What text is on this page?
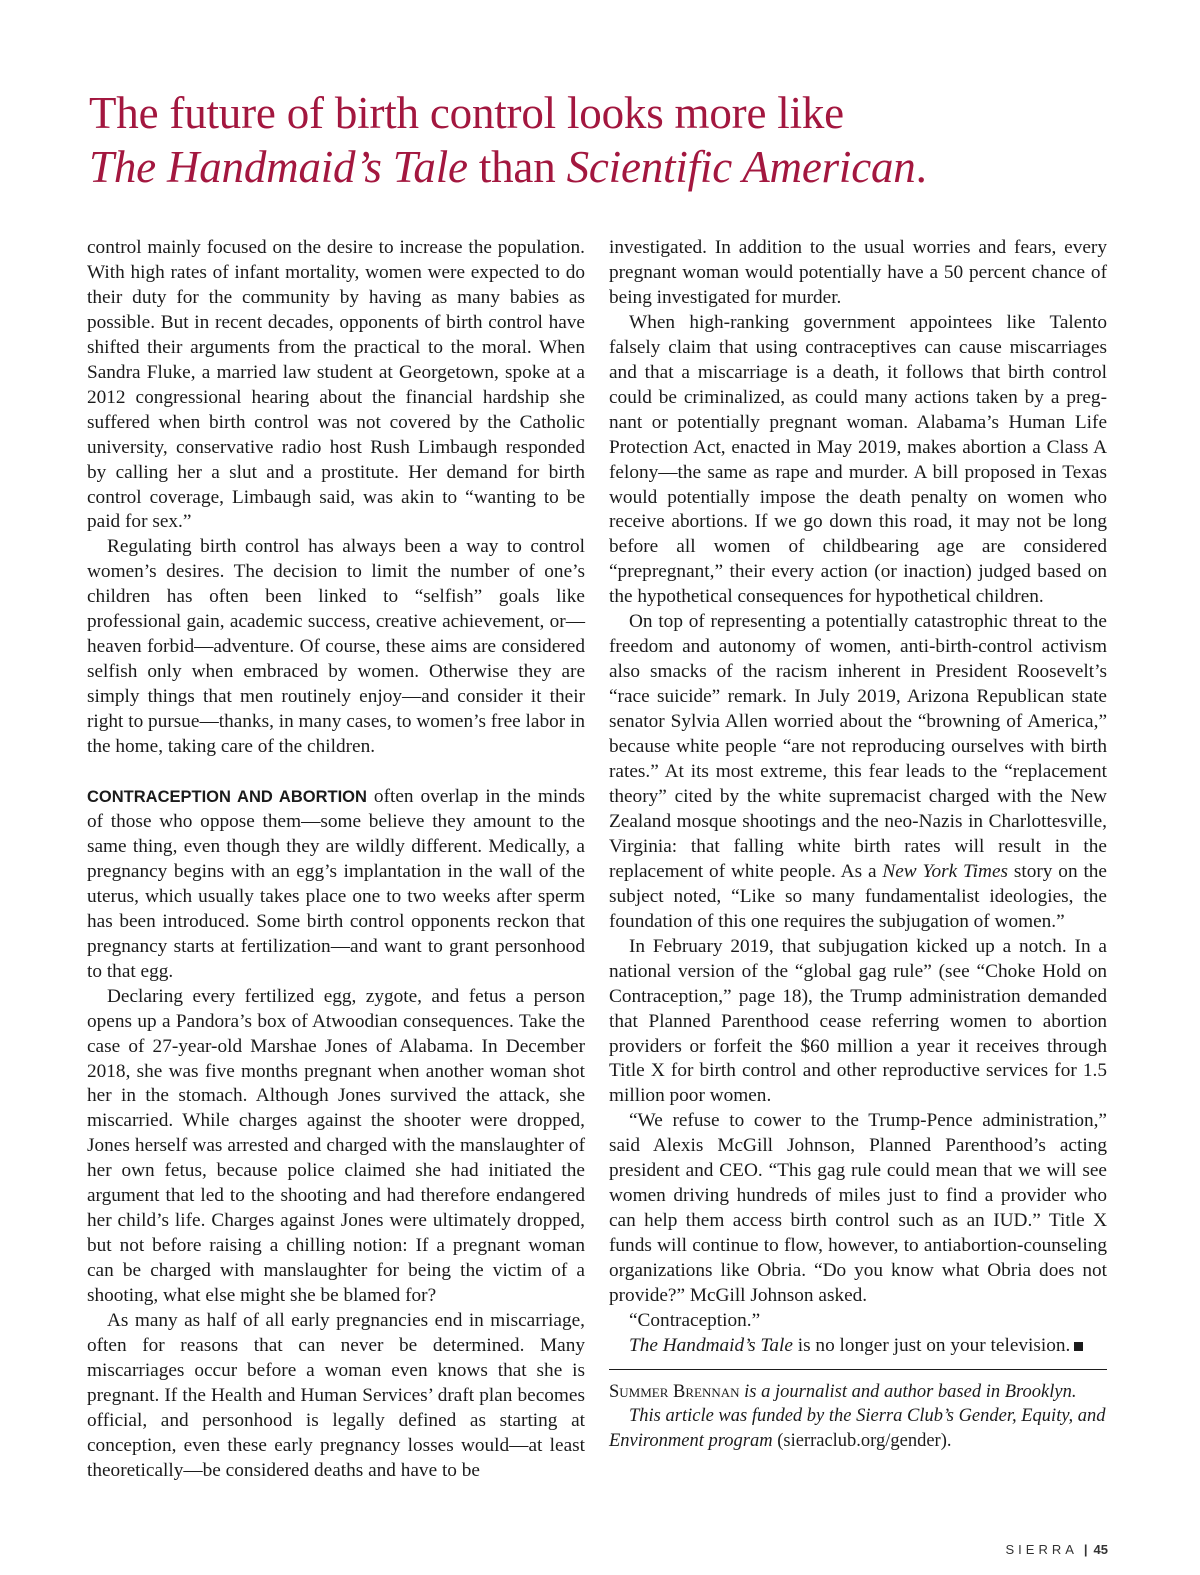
The future of birth control looks more like
The Handmaid’s Tale than Scientific American.

control mainly focused on the desire to increase the population. With high rates of infant mortality, women were expected to do their duty for the community by having as many babies as possible. But in recent decades, opponents of birth control have shifted their arguments from the practical to the moral. When Sandra Fluke, a married law student at Georgetown, spoke at a 2012 congressional hearing about the financial hardship she suffered when birth control was not covered by the Catholic university, conservative radio host Rush Limbaugh responded by calling her a slut and a prostitute. Her demand for birth control coverage, Limbaugh said, was akin to “wanting to be paid for sex.”

Regulating birth control has always been a way to control women’s desires. The decision to limit the number of one’s children has often been linked to “selfish” goals like professional gain, academic success, creative achievement, or—heaven forbid—adventure. Of course, these aims are considered selfish only when embraced by women. Otherwise they are simply things that men routinely enjoy—and consider it their right to pursue—thanks, in many cases, to women’s free labor in the home, taking care of the children.

CONTRACEPTION AND ABORTION often overlap in the minds of those who oppose them—some believe they amount to the same thing, even though they are wildly different. Medically, a pregnancy begins with an egg’s implantation in the wall of the uterus, which usually takes place one to two weeks after sperm has been introduced. Some birth control opponents reckon that pregnancy starts at fertilization—and want to grant personhood to that egg.

Declaring every fertilized egg, zygote, and fetus a person opens up a Pandora’s box of Atwoodian consequences. Take the case of 27-year-old Marshae Jones of Alabama. In December 2018, she was five months pregnant when another woman shot her in the stomach. Although Jones survived the attack, she miscarried. While charges against the shooter were dropped, Jones herself was arrested and charged with the manslaughter of her own fetus, because police claimed she had initiated the argument that led to the shooting and had therefore endangered her child’s life. Charges against Jones were ultimately dropped, but not before raising a chilling notion: If a pregnant woman can be charged with manslaughter for being the victim of a shooting, what else might she be blamed for?

As many as half of all early pregnancies end in miscarriage, often for reasons that can never be determined. Many miscarriages occur before a woman even knows that she is pregnant. If the Health and Human Services’ draft plan becomes official, and personhood is legally defined as starting at conception, even these early pregnancy losses would—at least theoretically—be considered deaths and have to be

investigated. In addition to the usual worries and fears, every pregnant woman would potentially have a 50 percent chance of being investigated for murder.

When high-ranking government appointees like Talento falsely claim that using contraceptives can cause miscarriages and that a miscarriage is a death, it follows that birth control could be criminalized, as could many actions taken by a pregnant or potentially pregnant woman. Alabama’s Human Life Protection Act, enacted in May 2019, makes abortion a Class A felony—the same as rape and murder. A bill proposed in Texas would potentially impose the death penalty on women who receive abortions. If we go down this road, it may not be long before all women of childbearing age are considered “prepregnant,” their every action (or inaction) judged based on the hypothetical consequences for hypothetical children.

On top of representing a potentially catastrophic threat to the freedom and autonomy of women, anti-birth-control activism also smacks of the racism inherent in President Roosevelt’s “race suicide” remark. In July 2019, Arizona Republican state senator Sylvia Allen worried about the “browning of America,” because white people “are not reproducing ourselves with birth rates.” At its most extreme, this fear leads to the “replacement theory” cited by the white supremacist charged with the New Zealand mosque shootings and the neo-Nazis in Charlottesville, Virginia: that falling white birth rates will result in the replacement of white people. As a New York Times story on the subject noted, “Like so many fundamentalist ideologies, the foundation of this one requires the subjugation of women.”

In February 2019, that subjugation kicked up a notch. In a national version of the “global gag rule” (see “Choke Hold on Contraception,” page 18), the Trump administration demanded that Planned Parenthood cease referring women to abortion providers or forfeit the $60 million a year it receives through Title X for birth control and other reproductive services for 1.5 million poor women.

“We refuse to cower to the Trump-Pence administration,” said Alexis McGill Johnson, Planned Parenthood’s acting president and CEO. “This gag rule could mean that we will see women driving hundreds of miles just to find a provider who can help them access birth control such as an IUD.” Title X funds will continue to flow, however, to antiabortion-counseling organizations like Obria. “Do you know what Obria does not provide?” McGill Johnson asked.

“Contraception.”

The Handmaid’s Tale is no longer just on your television.

Summer Brennan is a journalist and author based in Brooklyn.

This article was funded by the Sierra Club’s Gender, Equity, and Environment program (sierraclub.org/gender).

SIERRA | 45
